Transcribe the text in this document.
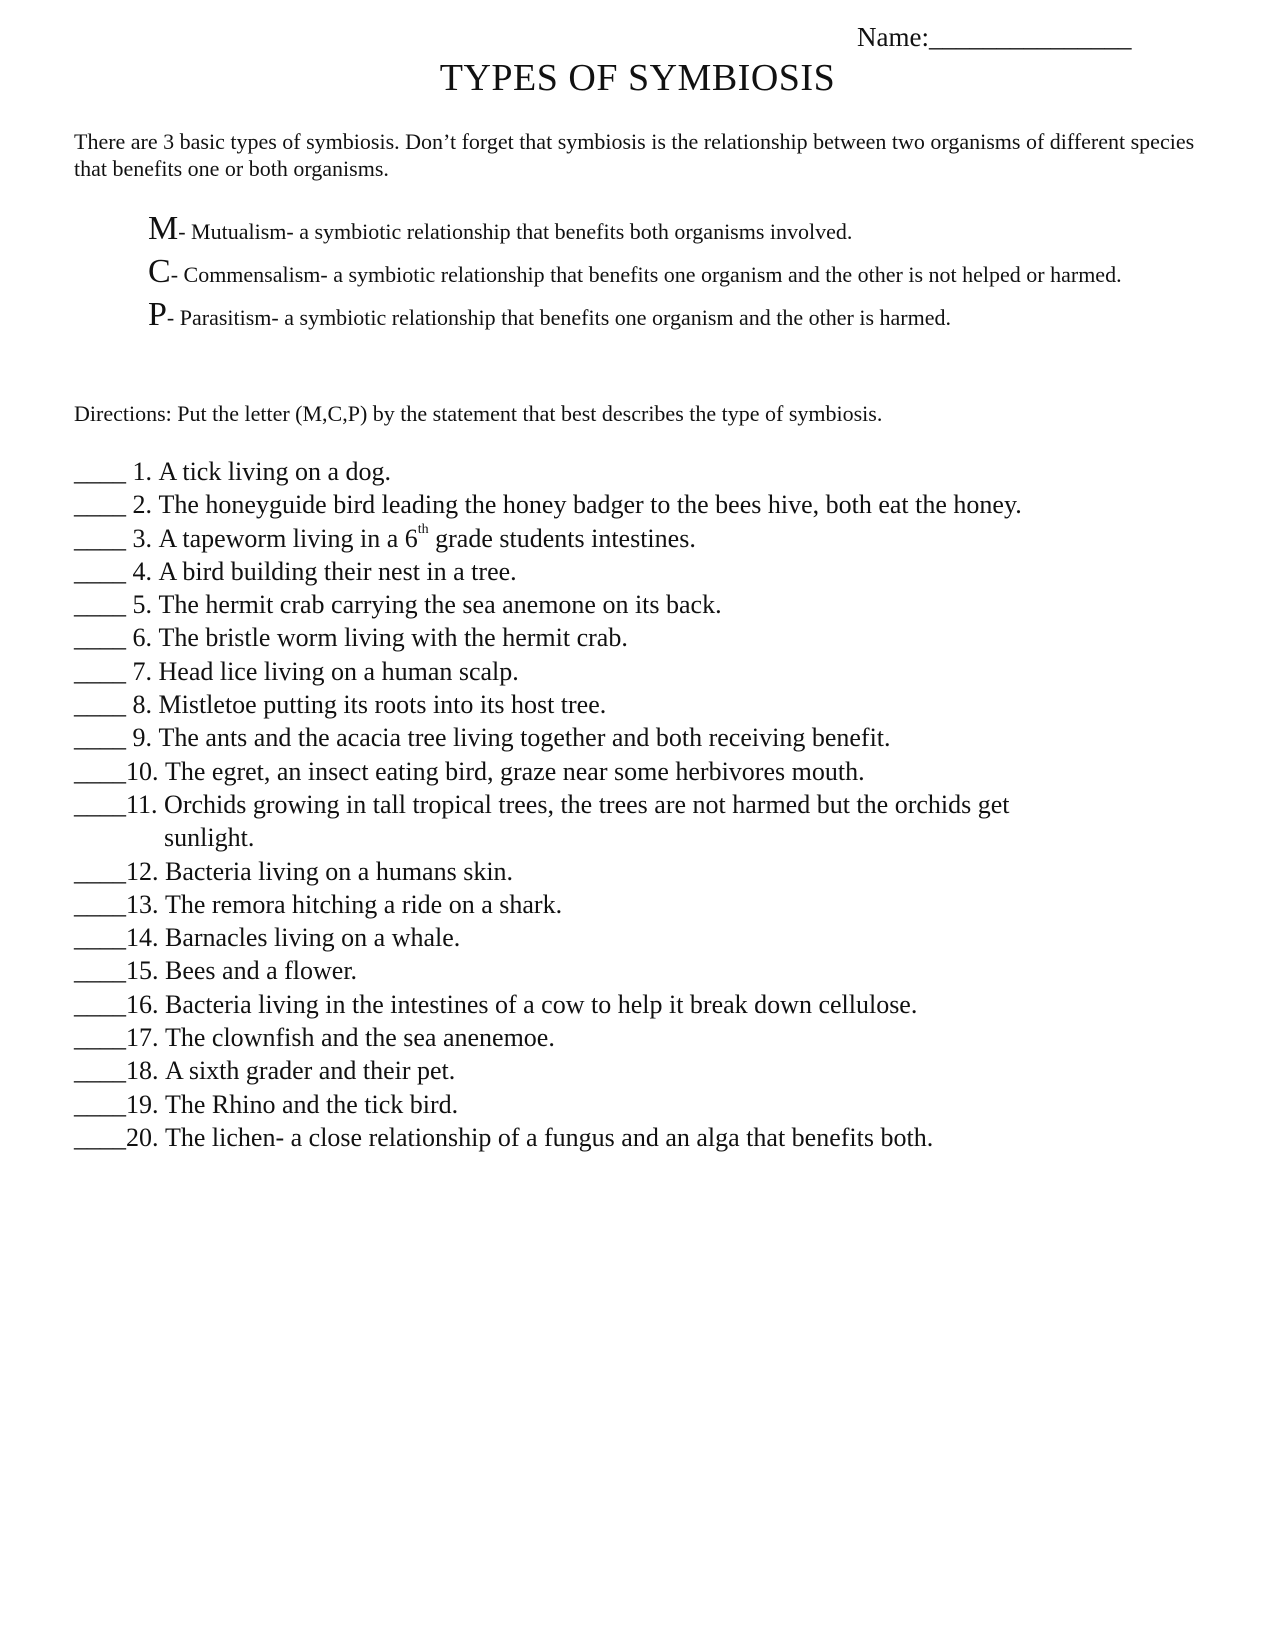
Name:_______________
TYPES OF SYMBIOSIS
There are 3 basic types of symbiosis. Don’t forget that symbiosis is the relationship between two organisms of different species that benefits one or both organisms.
M- Mutualism- a symbiotic relationship that benefits both organisms involved.
C- Commensalism- a symbiotic relationship that benefits one organism and the other is not helped or harmed.
P- Parasitism- a symbiotic relationship that benefits one organism and the other is harmed.
Directions: Put the letter (M,C,P) by the statement that best describes the type of symbiosis.
____ 1. A tick living on a dog.
____ 2. The honeyguide bird leading the honey badger to the bees hive, both eat the honey.
____ 3. A tapeworm living in a 6th grade students intestines.
____ 4. A bird building their nest in a tree.
____ 5. The hermit crab carrying the sea anemone on its back.
____ 6. The bristle worm living with the hermit crab.
____ 7. Head lice living on a human scalp.
____ 8. Mistletoe putting its roots into its host tree.
____ 9. The ants and the acacia tree living together and both receiving benefit.
____ 10. The egret, an insect eating bird, graze near some herbivores mouth.
____ 11. Orchids growing in tall tropical trees, the trees are not harmed but the orchids get sunlight.
____ 12. Bacteria living on a humans skin.
____ 13. The remora hitching a ride on a shark.
____ 14. Barnacles living on a whale.
____ 15. Bees and a flower.
____ 16. Bacteria living in the intestines of a cow to help it break down cellulose.
____ 17. The clownfish and the sea anenemoe.
____ 18. A sixth grader and their pet.
____ 19. The Rhino and the tick bird.
____ 20. The lichen- a close relationship of a fungus and an alga that benefits both.
